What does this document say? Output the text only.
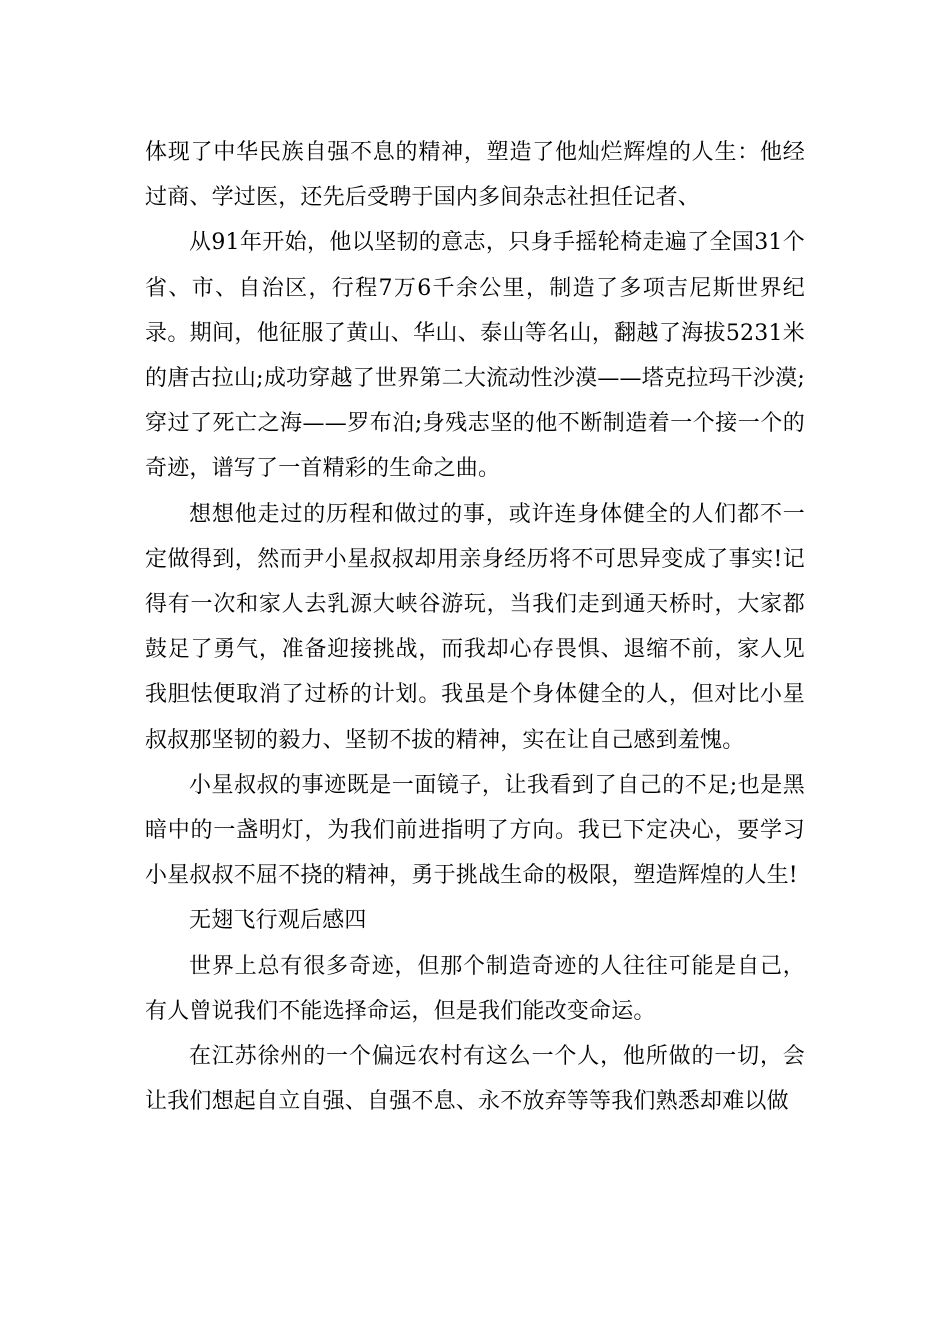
体现了中华民族自强不息的精神，塑造了他灿烂辉煌的人生：他经过商、学过医，还先后受聘于国内多间杂志社担任记者、

从91年开始，他以坚韧的意志，只身手摇轮椅走遍了全国31个省、市、自治区，行程7万6千余公里，制造了多项吉尼斯世界纪录。期间，他征服了黄山、华山、泰山等名山，翻越了海拔5231米的唐古拉山;成功穿越了世界第二大流动性沙漠——塔克拉玛干沙漠;穿过了死亡之海——罗布泊;身残志坚的他不断制造着一个接一个的奇迹，谱写了一首精彩的生命之曲。

想想他走过的历程和做过的事，或许连身体健全的人们都不一定做得到，然而尹小星叔叔却用亲身经历将不可思异变成了事实!记得有一次和家人去乳源大峡谷游玩，当我们走到通天桥时，大家都鼓足了勇气，准备迎接挑战，而我却心存畏惧、退缩不前，家人见我胆怯便取消了过桥的计划。我虽是个身体健全的人，但对比小星叔叔那坚韧的毅力、坚韧不拔的精神，实在让自己感到羞愧。

小星叔叔的事迹既是一面镜子，让我看到了自己的不足;也是黑暗中的一盏明灯，为我们前进指明了方向。我已下定决心，要学习小星叔叔不屈不挠的精神，勇于挑战生命的极限，塑造辉煌的人生!

无翅飞行观后感四

世界上总有很多奇迹，但那个制造奇迹的人往往可能是自己，有人曾说我们不能选择命运，但是我们能改变命运。

在江苏徐州的一个偏远农村有这么一个人，他所做的一切，会让我们想起自立自强、自强不息、永不放弃等等我们熟悉却难以做
